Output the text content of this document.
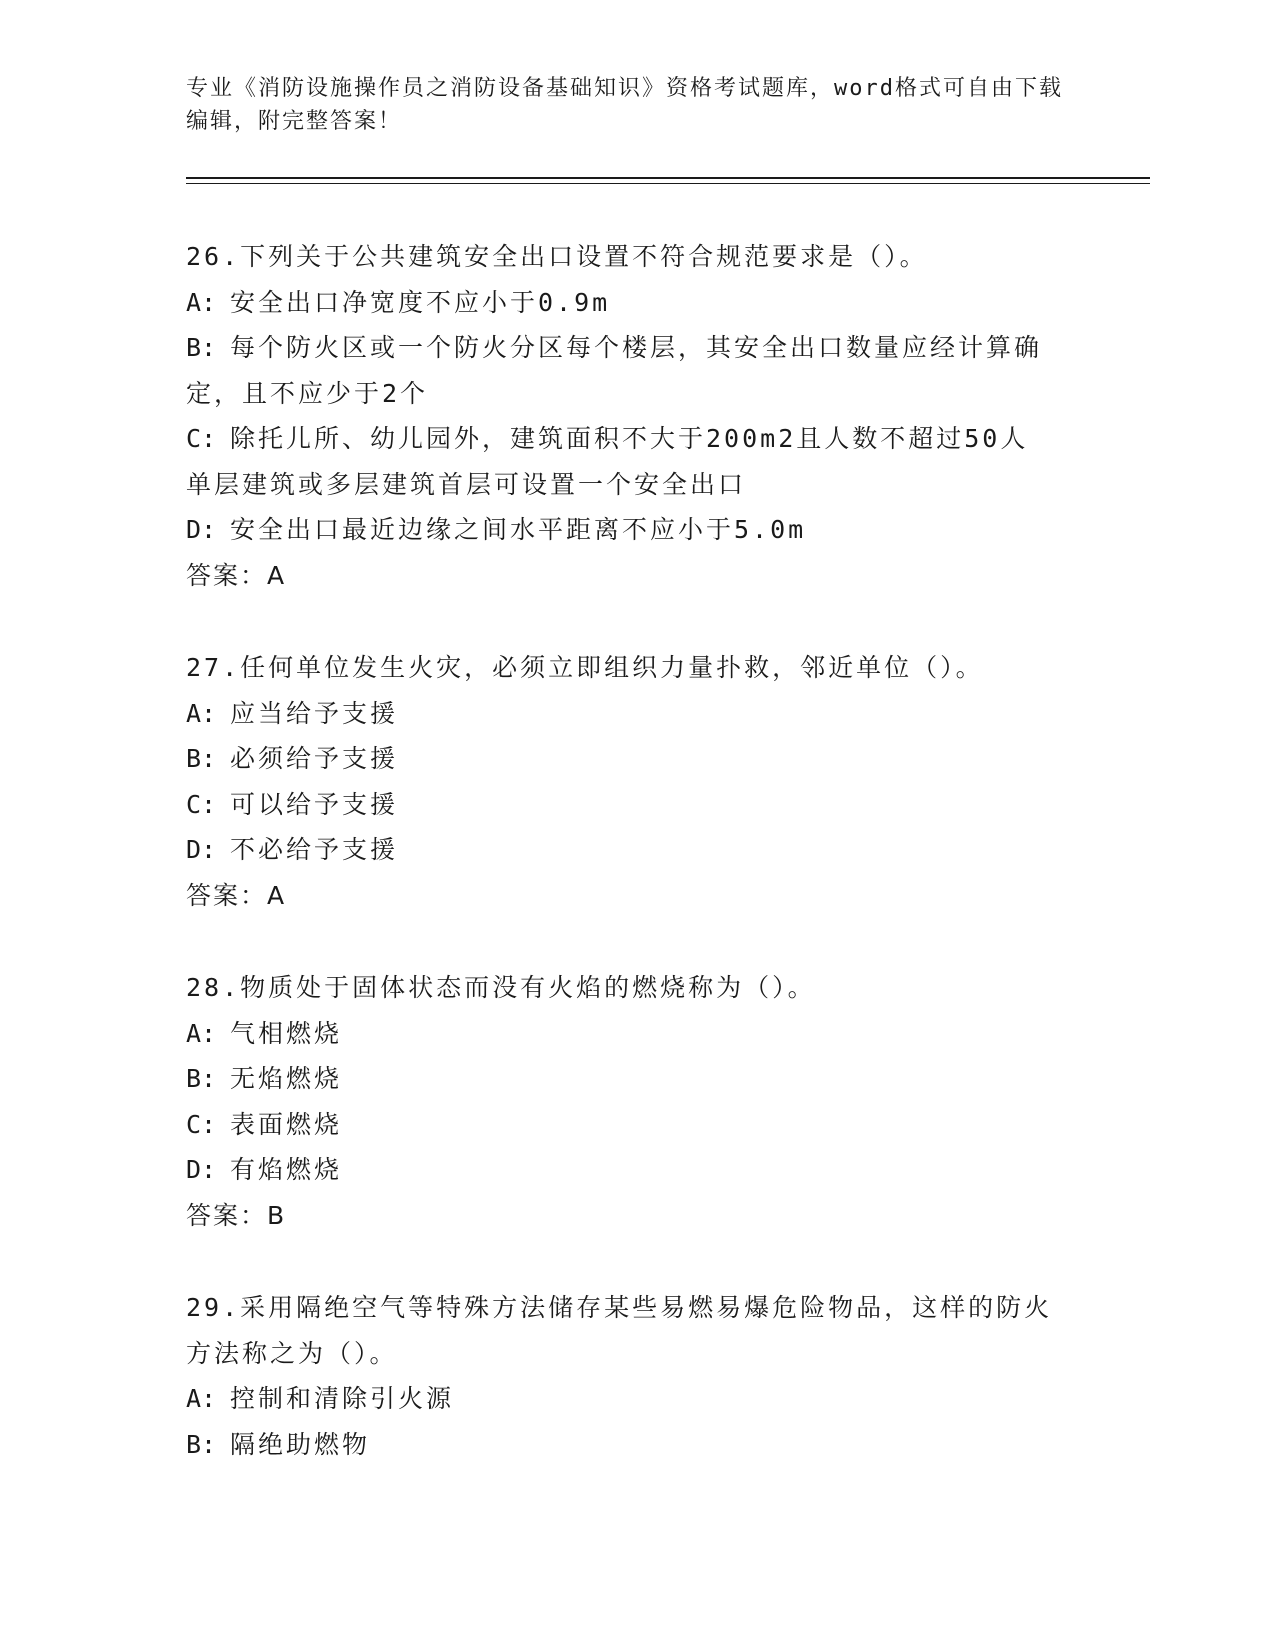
专业《消防设施操作员之消防设备基础知识》资格考试题库，word格式可自由下载编辑，附完整答案！

26.下列关于公共建筑安全出口设置不符合规范要求是（）。

A: 安全出口净宽度不应小于0.9m

B: 每个防火区或一个防火分区每个楼层，其安全出口数量应经计算确

定，且不应少于2个

C: 除托儿所、幼儿园外，建筑面积不大于200m2且人数不超过50人

单层建筑或多层建筑首层可设置一个安全出口

D: 安全出口最近边缘之间水平距离不应小于5.0m

答案：A

27.任何单位发生火灾，必须立即组织力量扑救，邻近单位（）。

A: 应当给予支援

B: 必须给予支援

C: 可以给予支援

D: 不必给予支援

答案：A

28.物质处于固体状态而没有火焰的燃烧称为（）。

A: 气相燃烧

B: 无焰燃烧

C: 表面燃烧

D: 有焰燃烧

答案：B

29.采用隔绝空气等特殊方法储存某些易燃易爆危险物品，这样的防火

方法称之为（）。

A: 控制和清除引火源

B: 隔绝助燃物
